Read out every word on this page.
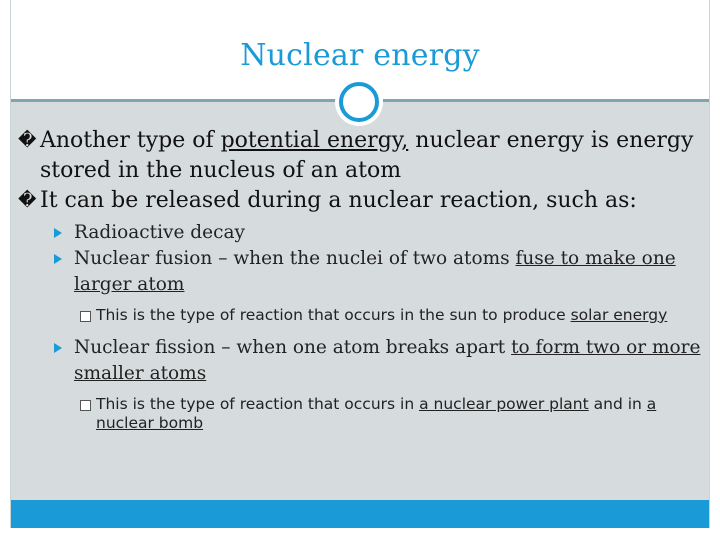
Nuclear energy
� Another type of potential energy, nuclear energy is energy stored in the nucleus of an atom
� It can be released during a nuclear reaction, such as:
Radioactive decay
Nuclear fusion – when the nuclei of two atoms fuse to make one larger atom
This is the type of reaction that occurs in the sun to produce solar energy
Nuclear fission – when one atom breaks apart to form two or more smaller atoms
This is the type of reaction that occurs in a nuclear power plant and in a nuclear bomb
